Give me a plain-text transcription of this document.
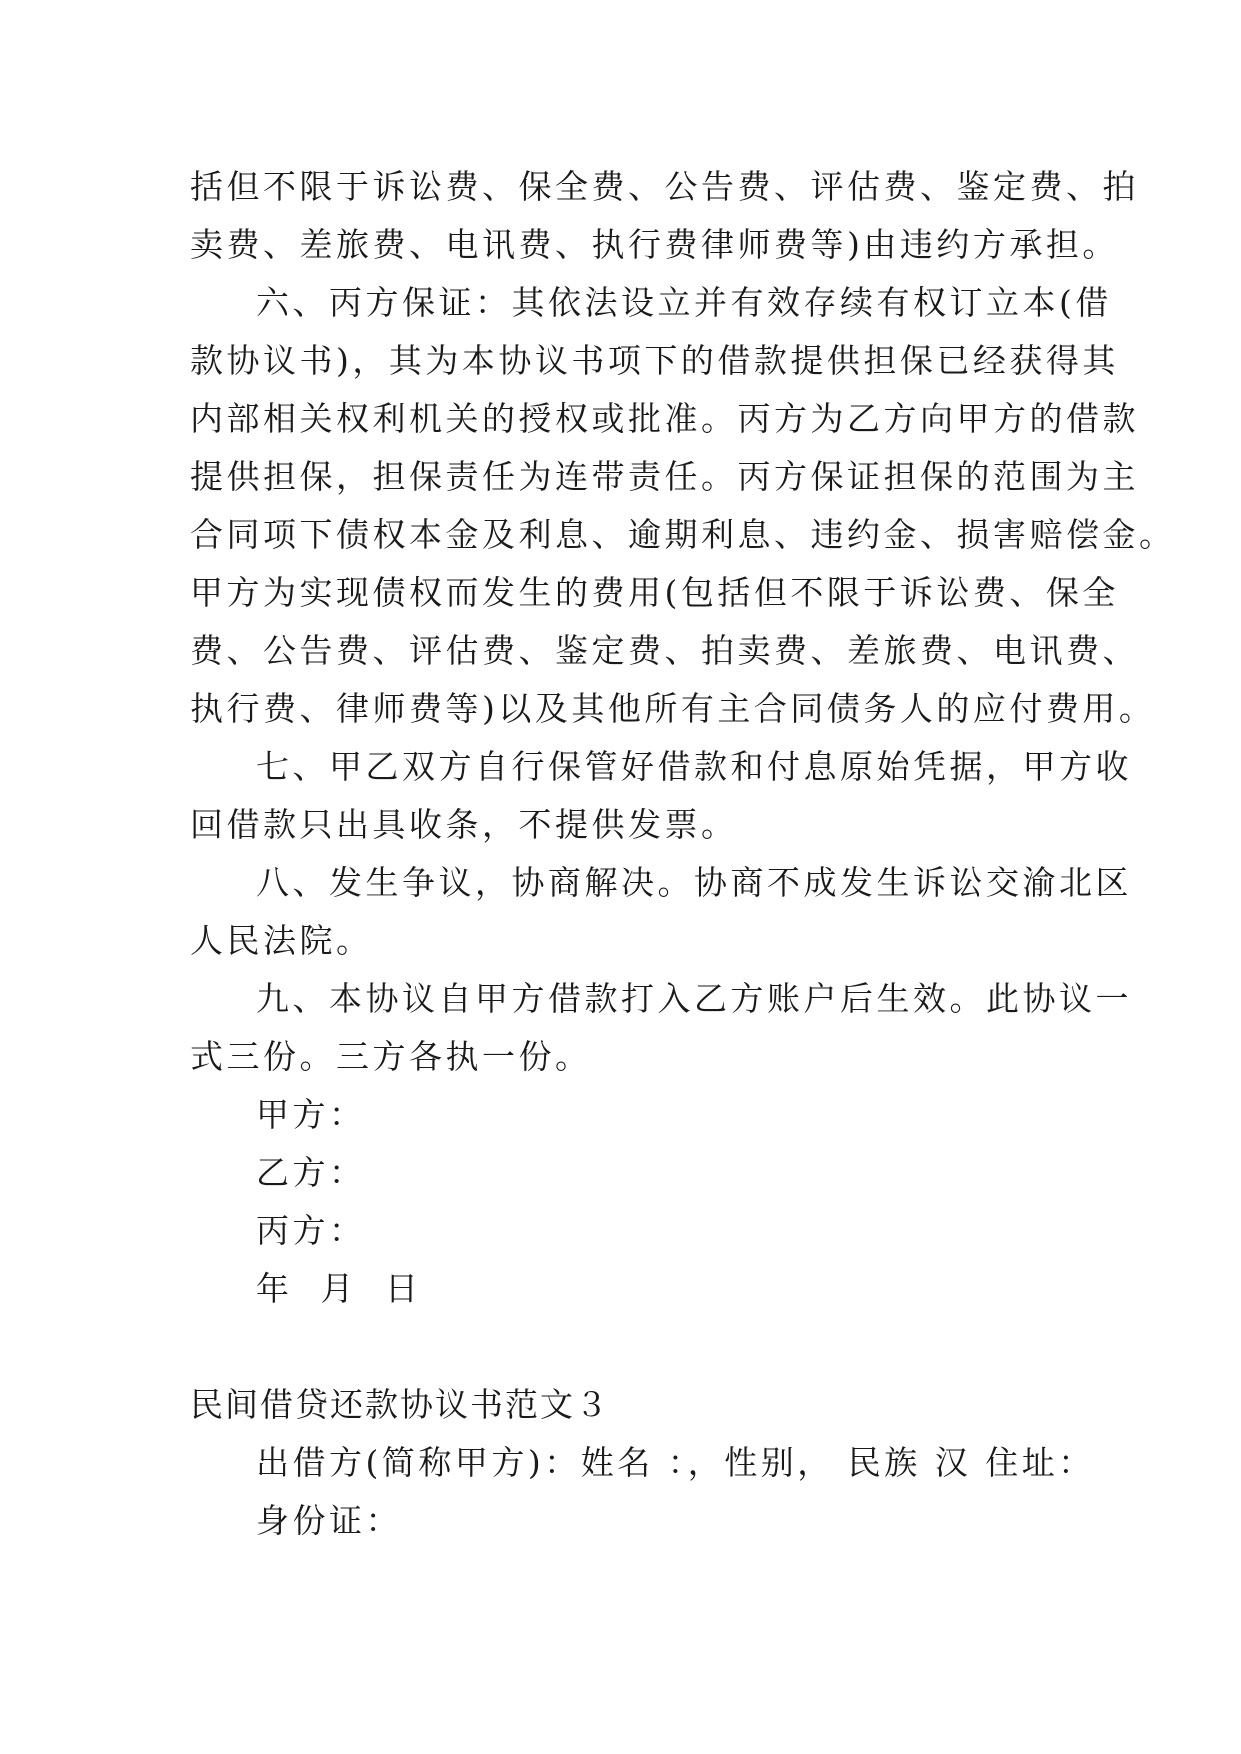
括但不限于诉讼费、保全费、公告费、评估费、鉴定费、拍
卖费、差旅费、电讯费、执行费律师费等)由违约方承担。
六、丙方保证：其依法设立并有效存续有权订立本(借
款协议书)，其为本协议书项下的借款提供担保已经获得其
内部相关权利机关的授权或批准。丙方为乙方向甲方的借款
提供担保，担保责任为连带责任。丙方保证担保的范围为主
合同项下债权本金及利息、逾期利息、违约金、损害赔偿金。
甲方为实现债权而发生的费用(包括但不限于诉讼费、保全
费、公告费、评估费、鉴定费、拍卖费、差旅费、电讯费、
执行费、律师费等)以及其他所有主合同债务人的应付费用。
七、甲乙双方自行保管好借款和付息原始凭据，甲方收
回借款只出具收条，不提供发票。
八、发生争议，协商解决。协商不成发生诉讼交渝北区
人民法院。
九、本协议自甲方借款打入乙方账户后生效。此协议一
式三份。三方各执一份。
甲方：
乙方：
丙方：
年  月  日
民间借贷还款协议书范文３
出借方(简称甲方)：姓名 ：，性别， 民族 汉 住址：
身份证：
